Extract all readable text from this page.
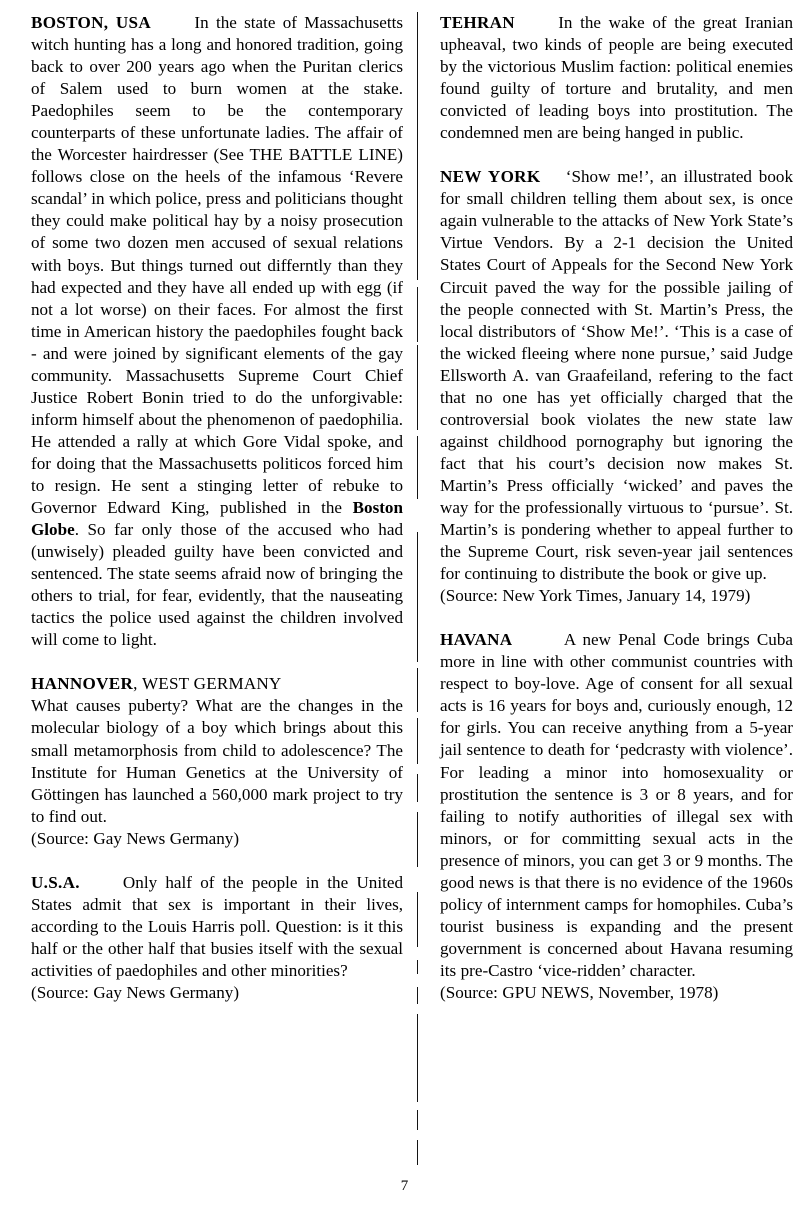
BOSTON, USA		In the state of Massachusetts witch hunting has a long and honored tradition, going back to over 200 years ago when the Puritan clerics of Salem used to burn women at the stake. Paedophiles seem to be the contemporary counterparts of these unfortunate ladies. The affair of the Worcester hairdresser (See THE BATTLE LINE) follows close on the heels of the infamous ‘Revere scandal’ in which police, press and politicians thought they could make political hay by a noisy prosecution of some two dozen men accused of sexual relations with boys. But things turned out differntly than they had expected and they have all ended up with egg (if not a lot worse) on their faces. For almost the first time in American history the paedophiles fought back - and were joined by significant elements of the gay community. Massachusetts Supreme Court Chief Justice Robert Bonin tried to do the unforgivable: inform himself about the phenomenon of paedophilia. He attended a rally at which Gore Vidal spoke, and for doing that the Massachusetts politicos forced him to resign. He sent a stinging letter of rebuke to Governor Edward King, published in the Boston Globe. So far only those of the accused who had (unwisely) pleaded guilty have been convicted and sentenced. The state seems afraid now of bringing the others to trial, for fear, evidently, that the nauseating tactics the police used against the children involved will come to light.

HANNOVER, WEST GERMANY
What causes puberty? What are the changes in the molecular biology of a boy which brings about this small metamorphosis from child to adolescence? The Institute for Human Genetics at the University of Göttingen has launched a 560,000 mark project to try to find out.
(Source: Gay News Germany)

U.S.A.		Only half of the people in the United States admit that sex is important in their lives, according to the Louis Harris poll. Question: is it this half or the other half that busies itself with the sexual activities of paedophiles and other minorities?
(Source: Gay News Germany)

TEHRAN		In the wake of the great Iranian upheaval, two kinds of people are being executed by the victorious Muslim faction: political enemies found guilty of torture and brutality, and men convicted of leading boys into prostitution. The condemned men are being hanged in public.

NEW YORK	‘Show me!’, an illustrated book for small children telling them about sex, is once again vulnerable to the attacks of New York State’s Virtue Vendors. By a 2-1 decision the United States Court of Appeals for the Second New York Circuit paved the way for the possible jailing of the people connected with St. Martin’s Press, the local distributors of ‘Show Me!’. ‘This is a case of the wicked fleeing where none pursue,’ said Judge Ellsworth A. van Graafeiland, refering to the fact that no one has yet officially charged that the controversial book violates the new state law against childhood pornography but ignoring the fact that his court’s decision now makes St. Martin’s Press officially ‘wicked’ and paves the way for the professionally virtuous to ‘pursue’. St. Martin’s is pondering whether to appeal further to the Supreme Court, risk seven-year jail sentences for continuing to distribute the book or give up.
(Source: New York Times, January 14, 1979)

HAVANA		A new Penal Code brings Cuba more in line with other communist countries with respect to boy-love. Age of consent for all sexual acts is 16 years for boys and, curiously enough, 12 for girls. You can receive anything from a 5-year jail sentence to death for ‘pedcrasty with violence’. For leading a minor into homosexuality or prostitution the sentence is 3 or 8 years, and for failing to notify authorities of illegal sex with minors, or for committing sexual acts in the presence of minors, you can get 3 or 9 months. The good news is that there is no evidence of the 1960s policy of internment camps for homophiles. Cuba’s tourist business is expanding and the present government is concerned about Havana resuming its pre-Castro ‘vice-ridden’ character.
(Source: GPU NEWS, November, 1978)

7
